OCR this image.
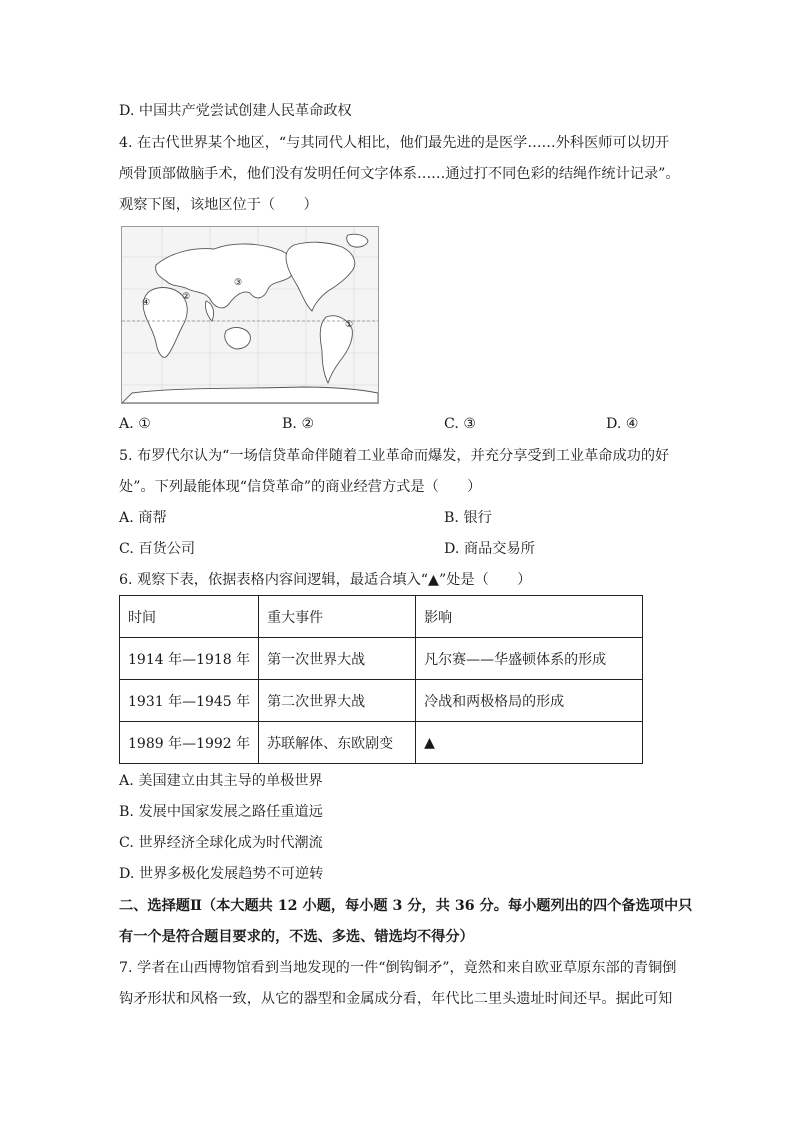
D. 中国共产党尝试创建人民革命政权
4. 在古代世界某个地区，“与其同代人相比，他们最先进的是医学……外科医师可以切开
颅骨顶部做脑手术，他们没有发明任何文字体系……通过打不同色彩的结绳作统计记录”。
观察下图，该地区位于（　　）
①
②
③
④
A. ①	B. ②	C. ③	D. ④
5. 布罗代尔认为“一场信贷革命伴随着工业革命而爆发，并充分享受到工业革命成功的好
处”。下列最能体现“信贷革命”的商业经营方式是（　　）
A. 商帮	B. 银行
C. 百货公司	D. 商品交易所
6. 观察下表，依据表格内容间逻辑，最适合填入“▲”处是（　　）
时间	重大事件	影响
1914 年—1918 年	第一次世界大战	凡尔赛——华盛顿体系的形成
1931 年—1945 年	第二次世界大战	冷战和两极格局的形成
1989 年—1992 年	苏联解体、东欧剧变	▲
A. 美国建立由其主导的单极世界
B. 发展中国家发展之路任重道远
C. 世界经济全球化成为时代潮流
D. 世界多极化发展趋势不可逆转
二、选择题Ⅱ（本大题共 12 小题，每小题 3 分，共 36 分。每小题列出的四个备选项中只
有一个是符合题目要求的，不选、多选、错选均不得分）
7. 学者在山西博物馆看到当地发现的一件“倒钩铜矛”，竟然和来自欧亚草原东部的青铜倒
钩矛形状和风格一致，从它的器型和金属成分看，年代比二里头遗址时间还早。据此可知
